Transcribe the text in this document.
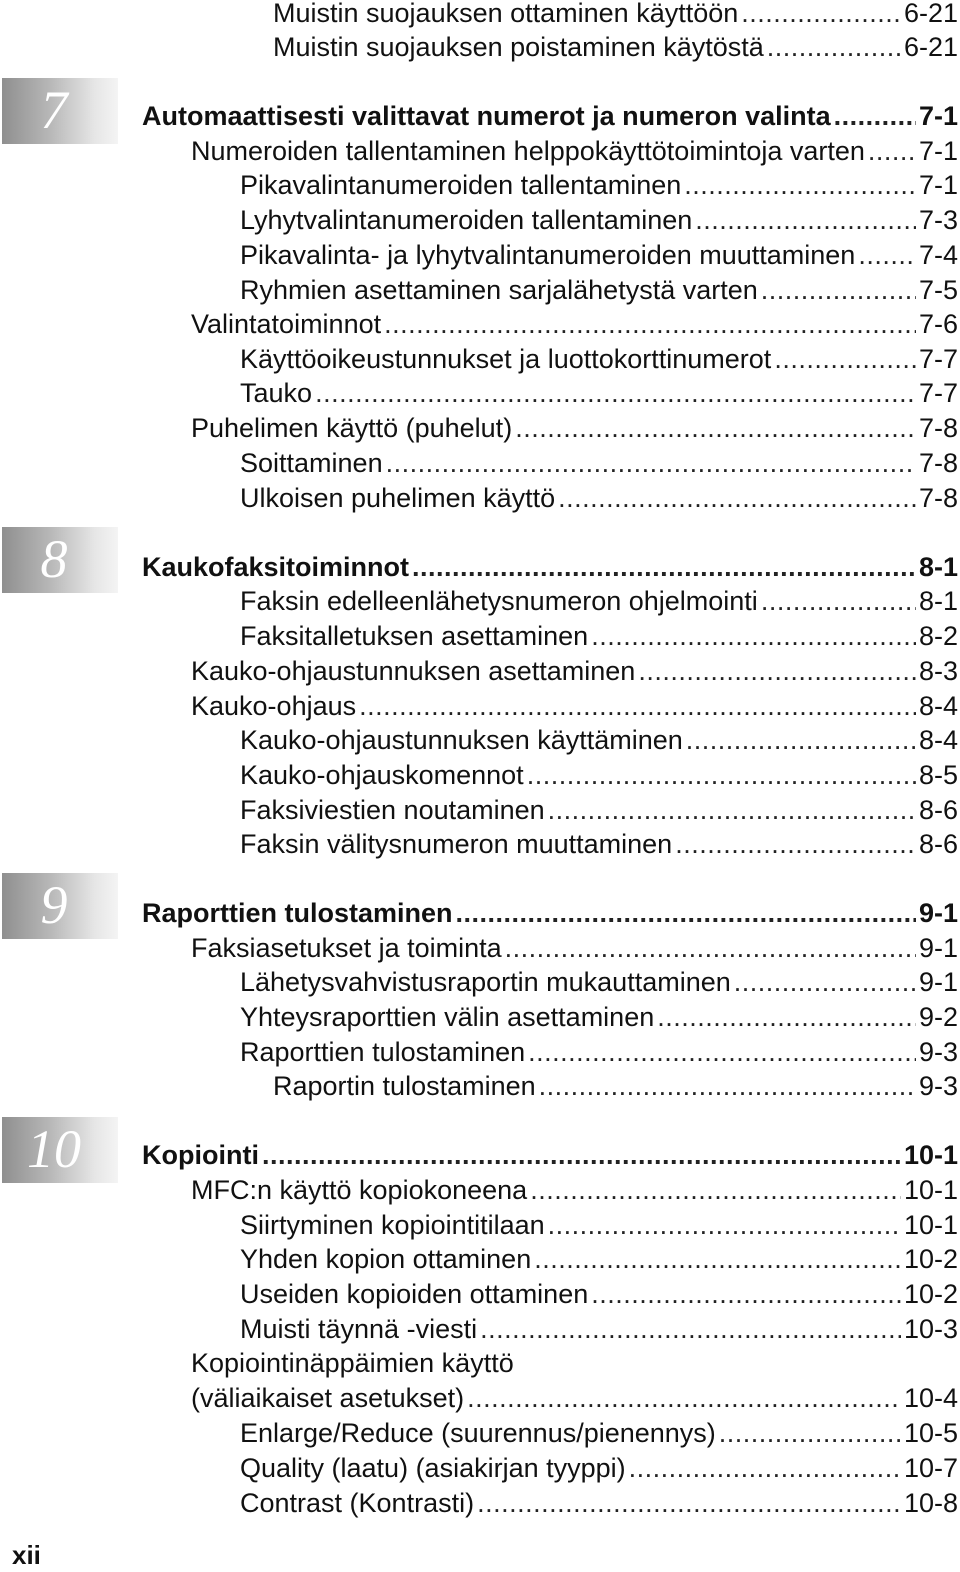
Muistin suojauksen ottaminen käyttöön .....	6-21
Muistin suojauksen poistaminen käytöstä .....	6-21
Automaattisesti valittavat numerot ja numeron valinta .....	7-1
Numeroiden tallentaminen helppokäyttötoimintoja varten ..... 7-1
Pikavalintanumeroiden tallentaminen .....	7-1
Lyhytvalintanumeroiden tallentaminen .....	7-3
Pikavalinta- ja lyhytvalintanumeroiden muuttaminen ..... 7-4
Ryhmien asettaminen sarjalähetystä varten .....	7-5
Valintatoiminnot .....	7-6
Käyttöoikeustunnukset ja luottokorttinumerot .....	7-7
Tauko .....	7-7
Puhelimen käyttö (puhelut) .....	7-8
Soittaminen .....	7-8
Ulkoisen puhelimen käyttö .....	7-8
Kaukofaksitoiminnot .....	8-1
Faksin edelleenlähetysnumeron ohjelmointi .....	8-1
Faksitalletuksen asettaminen .....	8-2
Kauko-ohjaustunnuksen asettaminen .....	8-3
Kauko-ohjaus .....	8-4
Kauko-ohjaustunnuksen käyttäminen .....	8-4
Kauko-ohjauskomennot .....	8-5
Faksiviestien noutaminen .....	8-6
Faksin välitysnumeron muuttaminen .....	8-6
Raporttien tulostaminen .....	9-1
Faksiasetukset ja toiminta .....	9-1
Lähetysvahvistusraportin mukauttaminen .....	9-1
Yhteysraporttien välin asettaminen .....	9-2
Raporttien tulostaminen .....	9-3
Raportin tulostaminen .....	9-3
Kopiointi .....	10-1
MFC:n käyttö kopiokoneena .....	10-1
Siirtyminen kopiointitilaan .....	10-1
Yhden kopion ottaminen .....	10-2
Useiden kopioiden ottaminen .....	10-2
Muisti täynnä -viesti .....	10-3
Kopiointinäppäimien käyttö
(väliaikaiset asetukset) .....	10-4
Enlarge/Reduce (suurennus/pienennys) .....	10-5
Quality (laatu) (asiakirjan tyyppi) .....	10-7
Contrast (Kontrasti) .....	10-8
7
8
9
10
xii
